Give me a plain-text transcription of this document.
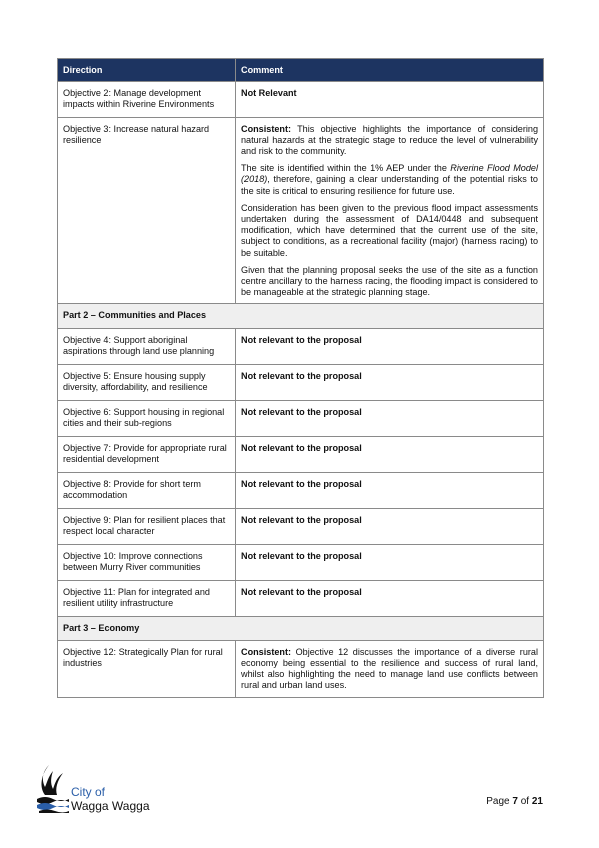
Direction	Comment
Objective 2: Manage development impacts within Riverine Environments	Not Relevant
Objective 3: Increase natural hazard resilience	Consistent: This objective highlights the importance of considering natural hazards at the strategic stage to reduce the level of vulnerability and risk to the community.

The site is identified within the 1% AEP under the Riverine Flood Model (2018), therefore, gaining a clear understanding of the potential risks to the site is critical to ensuring resilience for future use.

Consideration has been given to the previous flood impact assessments undertaken during the assessment of DA14/0448 and subsequent modification, which have determined that the current use of the site, subject to conditions, as a recreational facility (major) (harness racing) to be suitable.

Given that the planning proposal seeks the use of the site as a function centre ancillary to the harness racing, the flooding impact is considered to be manageable at the strategic planning stage.

Part 2 – Communities and Places	
Objective 4: Support aboriginal aspirations through land use planning	Not relevant to the proposal
Objective 5: Ensure housing supply diversity, affordability, and resilience	Not relevant to the proposal
Objective 6: Support housing in regional cities and their sub-regions	Not relevant to the proposal
Objective 7: Provide for appropriate rural residential development	Not relevant to the proposal
Objective 8: Provide for short term accommodation	Not relevant to the proposal
Objective 9: Plan for resilient places that respect local character	Not relevant to the proposal
Objective 10: Improve connections between Murry River communities	Not relevant to the proposal
Objective 11: Plan for integrated and resilient utility infrastructure	Not relevant to the proposal
Part 3 – Economy	
Objective 12: Strategically Plan for rural industries	Consistent: Objective 12 discusses the importance of a diverse rural economy being essential to the resilience and success of rural land, whilst also highlighting the need to manage land use conflicts between rural and urban land uses.

City of
Wagga Wagga	Page 7 of 21
